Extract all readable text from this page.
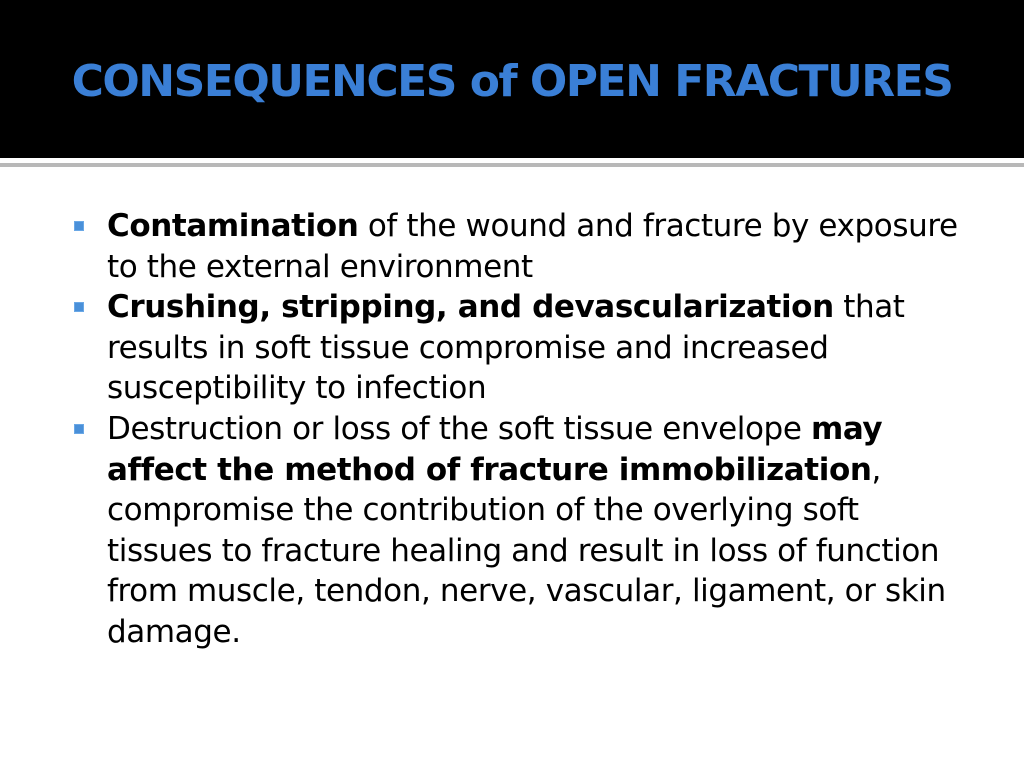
CONSEQUENCES of OPEN FRACTURES
Contamination of the wound and fracture by exposure to the external environment
Crushing, stripping, and devascularization that results in soft tissue compromise and increased susceptibility to infection
Destruction or loss of the soft tissue envelope may affect the method of fracture immobilization, compromise the contribution of the overlying soft tissues to fracture healing and result in loss of function from muscle, tendon, nerve, vascular, ligament, or skin damage.
